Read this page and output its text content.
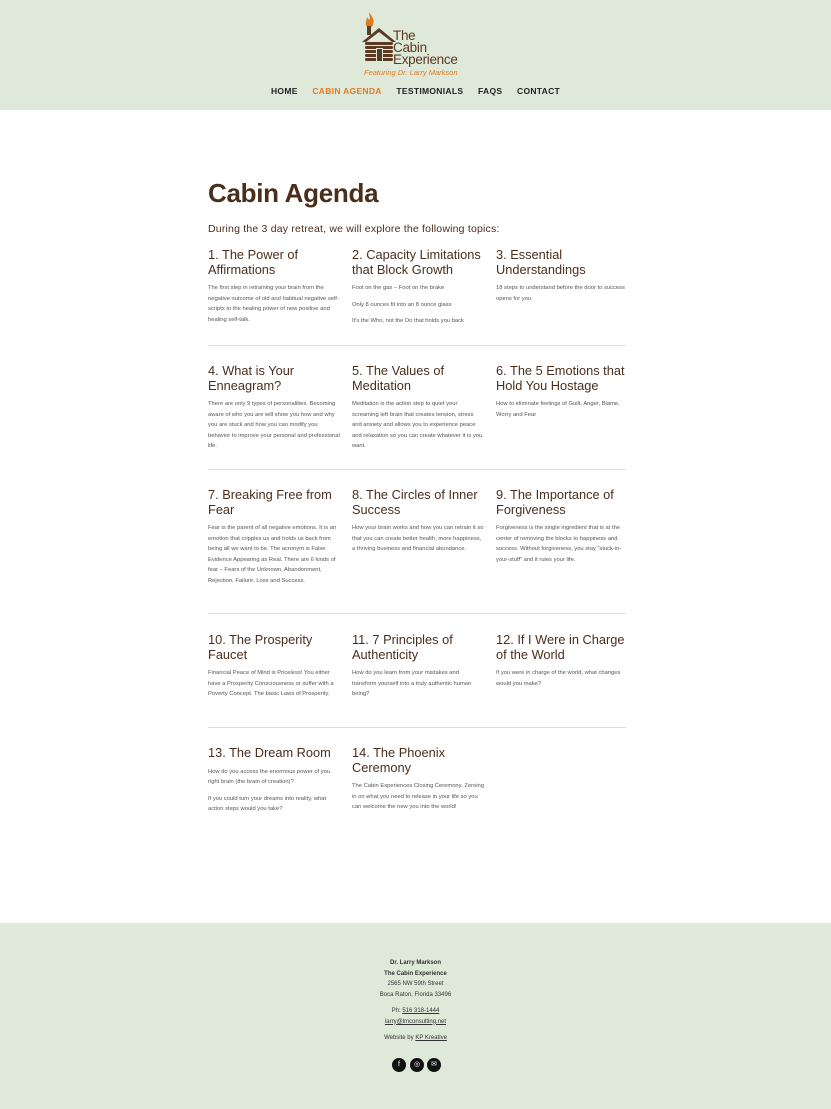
The
Cabin
Experience
Featuring Dr. Larry Markson
HOME CABIN AGENDA TESTIMONIALS FAQS CONTACT
Cabin Agenda
During the 3 day retreat, we will explore the following topics:
1. The Power of Affirmations

The first step in retraining your brain from the negative outcome of old and habitual negative self-scripts to the healing power of new positive and healing self-talk.

2. Capacity Limitations that Block Growth

Foot on the gas – Foot on the brake

Only 8 ounces fit into an 8 ounce glass

It's the Who, not the Do that holds you back

3. Essential Understandings

18 steps to understand before the door to success opens for you

4. What is Your Enneagram?

There are only 9 types of personalities. Becoming aware of who you are will show you how and why you are stuck and how you can modify you behavior to improve your personal and professional life.

5. The Values of Meditation

Meditation is the action step to quiet your screaming left brain that creates tension, stress and anxiety and allows you to experience peace and relaxation so you can create whatever it is you want.

6. The 5 Emotions that Hold You Hostage

How to eliminate feelings of Guilt, Anger, Blame, Worry and Fear

7. Breaking Free from Fear

Fear is the parent of all negative emotions. It is an emotion that cripples us and holds us back from being all we want to be. The acronym is False Evidence Appearing as Real. There are 6 kinds of fear – Fears of the Unknown, Abandonment, Rejection, Failure, Loss and Success.

8. The Circles of Inner Success

How your brain works and how you can retrain it so that you can create better health, more happiness, a thriving business and financial abundance.

9. The Importance of Forgiveness

Forgiveness is the single ingredient that is at the center of removing the blocks to happiness and success. Without forgiveness, you stay “stuck-in-your-stuff” and it rules your life.

10. The Prosperity Faucet

Financial Peace of Mind is Priceless! You either have a Prosperity Consciousness or suffer with a Poverty Concept. The basic Laws of Prosperity.

11. 7 Principles of Authenticity

How do you learn from your mistakes and transform yourself into a truly authentic human being?

12. If I Were in Charge of the World

If you were in charge of the world, what changes would you make?

13. The Dream Room

How do you access the enormous power of you right brain (the brain of creation)?

If you could turn your dreams into reality, what action steps would you take?

14. The Phoenix Ceremony

The Cabin Experiences Closing Ceremony. Zeroing in on what you need to release in your life so you can welcome the new you into the world!

Dr. Larry Markson
The Cabin Experience
2565 NW 59th Street
Boca Raton, Florida 33496
Ph: 516 318-1444
larry@lmconsulting.net
Website by KP Kreative
f	◎	✉
